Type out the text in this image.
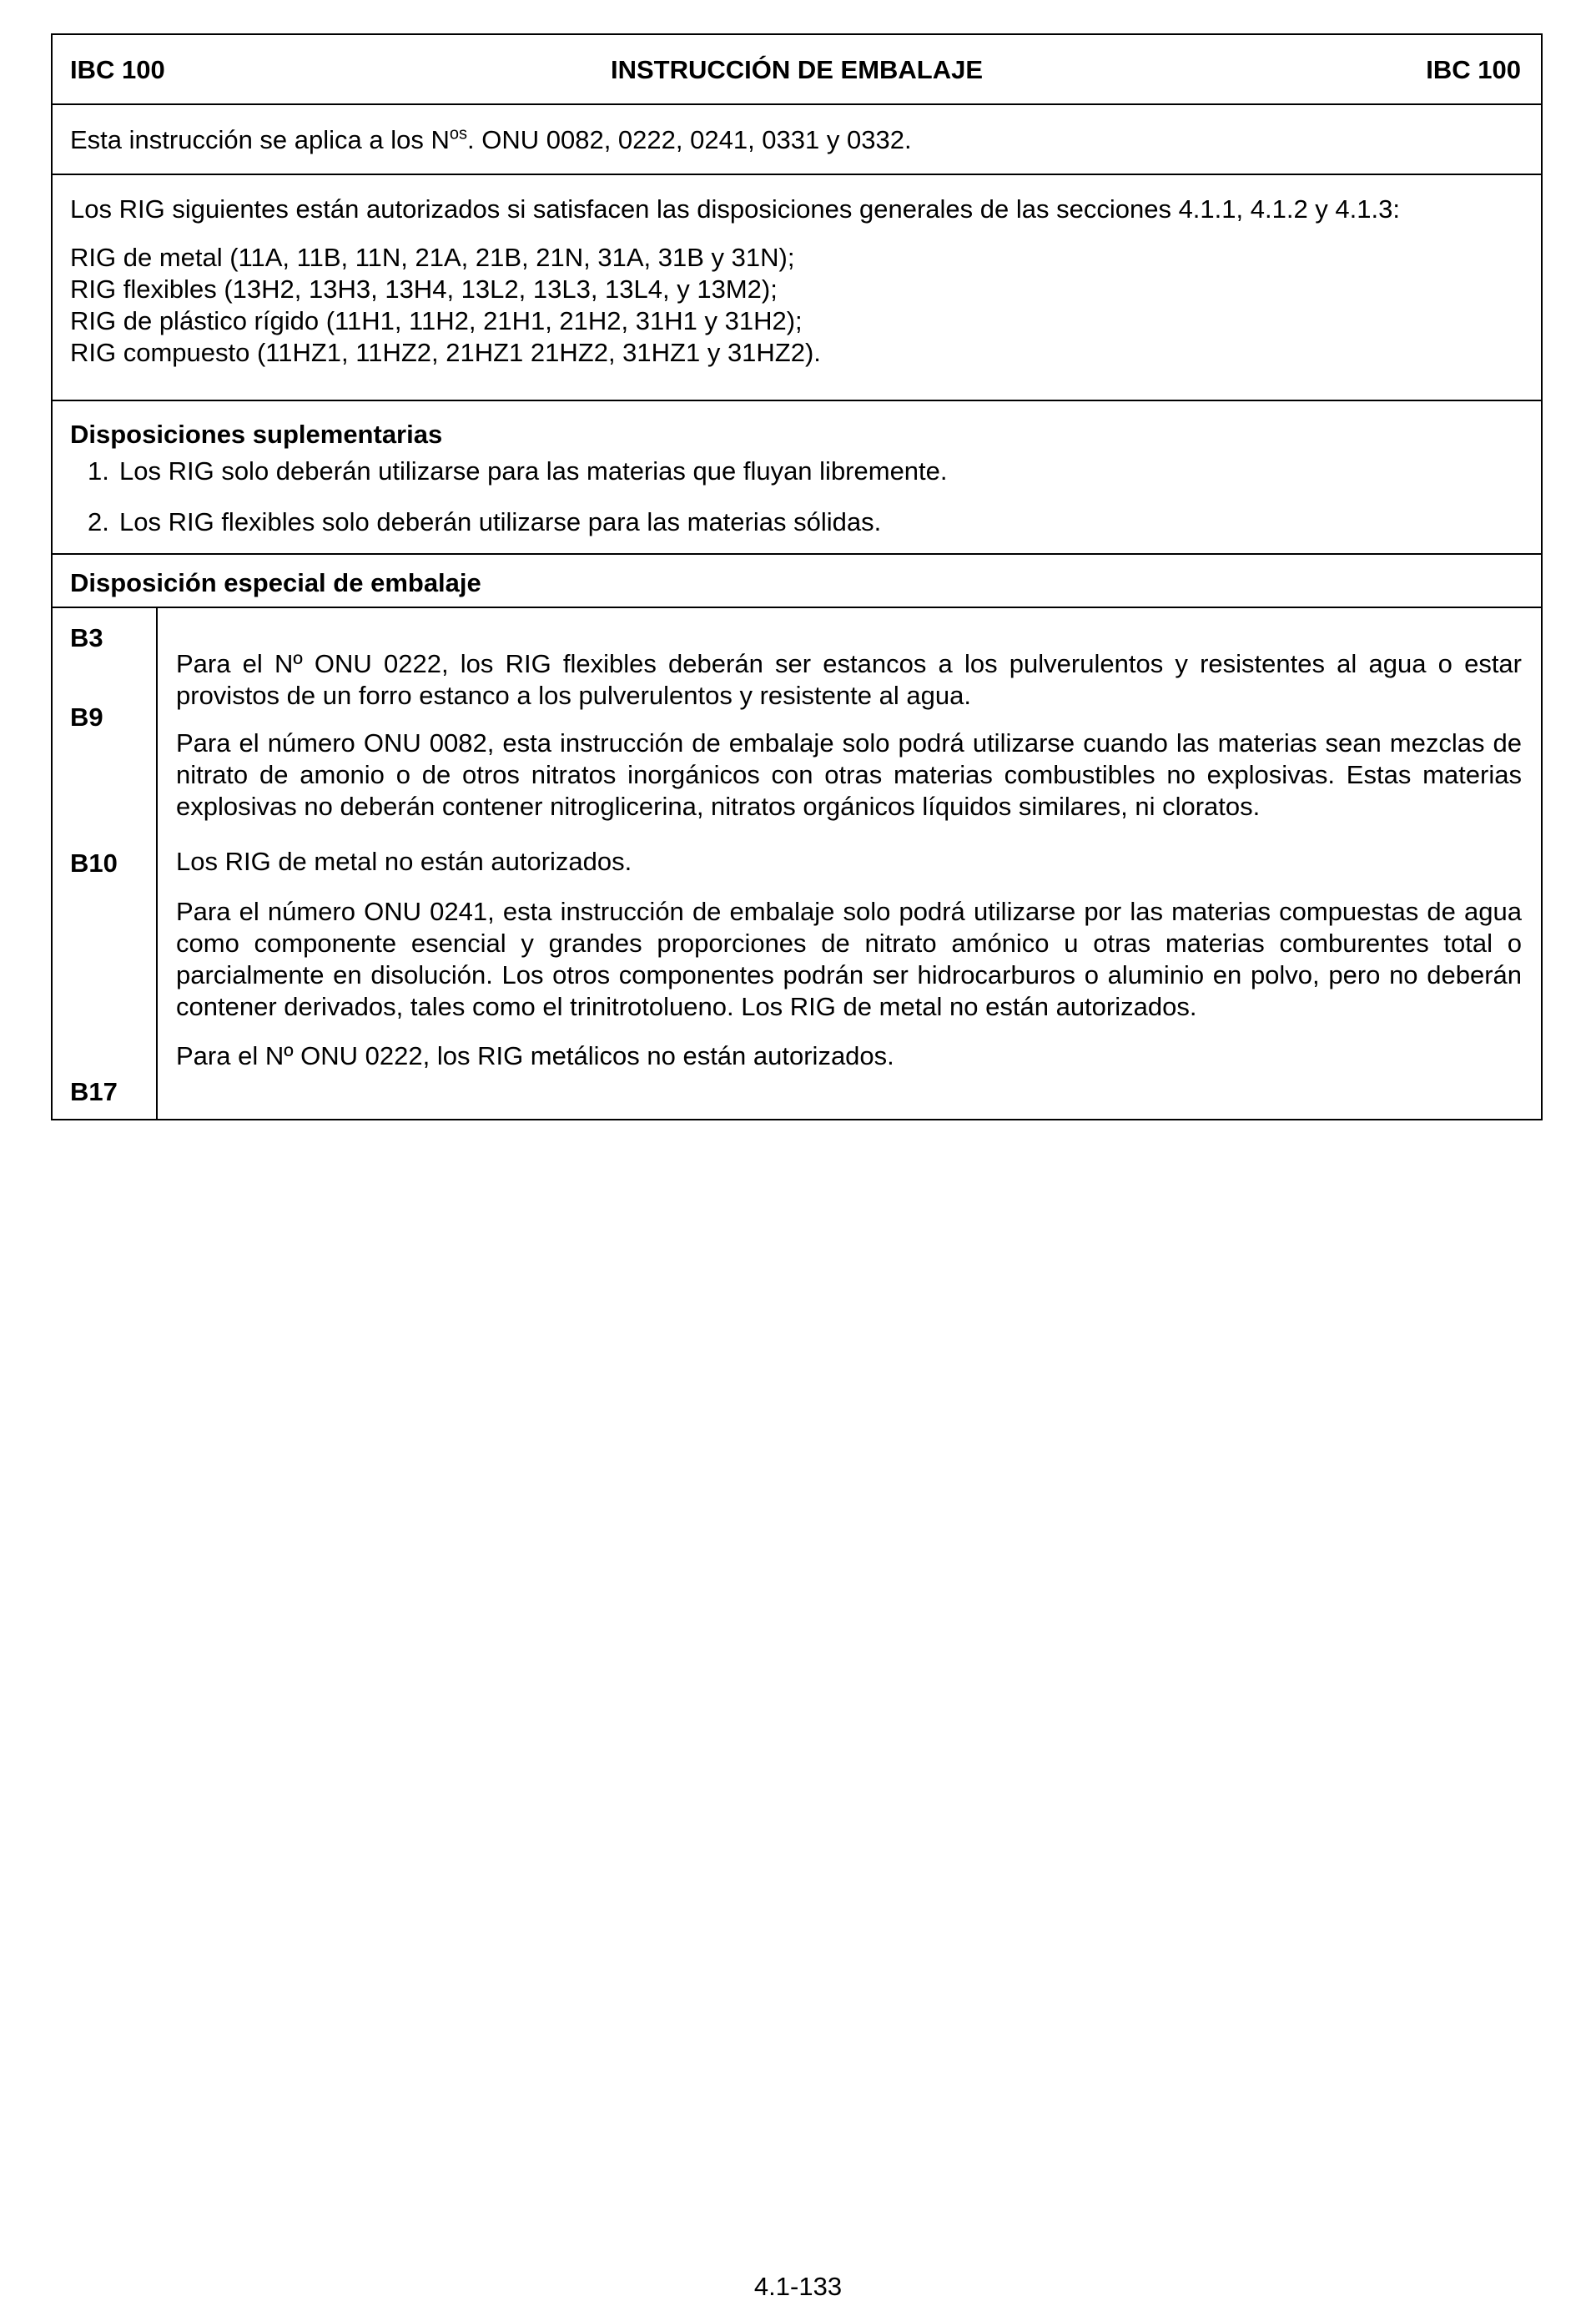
IBC 100	INSTRUCCIÓN DE EMBALAJE	IBC 100

Esta instrucción se aplica a los $N^{os}$. ONU 0082, 0222, 0241, 0331 y 0332.

Los RIG siguientes están autorizados si satisfacen las disposiciones generales de las secciones 4.1.1, 4.1.2 y 4.1.3:

RIG de metal (11A, 11B, 11N, 21A, 21B, 21N, 31A, 31B y 31N);

RIG flexibles (13H2, 13H3, 13H4, 13L2, 13L3, 13L4, y 13M2);

RIG de plástico rígido (11H1, 11H2, 21H1, 21H2, 31H1 y 31H2);

RIG compuesto (11HZ1, 11HZ2, 21HZ1 21HZ2, 31HZ1 y 31HZ2).

Disposiciones suplementarias

1. Los RIG solo deberán utilizarse para las materias que fluyan libremente.
2. Los RIG flexibles solo deberán utilizarse para las materias sólidas.

Disposición especial de embalaje

B3
B9
B10
B17
Para el Nº ONU 0222, los RIG flexibles deberán ser estancos a los pulverulentos y resistentes al agua o estar provistos de un forro estanco a los pulverulentos y resistente al agua.
Para el número ONU 0082, esta instrucción de embalaje solo podrá utilizarse cuando las materias sean mezclas de nitrato de amonio o de otros nitratos inorgánicos con otras materias combustibles no explosivas. Estas materias explosivas no deberán contener nitroglicerina, nitratos orgánicos líquidos similares, ni cloratos.
Los RIG de metal no están autorizados.
Para el número ONU 0241, esta instrucción de embalaje solo podrá utilizarse por las materias compuestas de agua como componente esencial y grandes proporciones de nitrato amónico u otras materias comburentes total o parcialmente en disolución. Los otros componentes podrán ser hidrocarburos o aluminio en polvo, pero no deberán contener derivados, tales como el trinitrotolueno. Los RIG de metal no están autorizados.
Para el Nº ONU 0222, los RIG metálicos no están autorizados.
4.1-133
